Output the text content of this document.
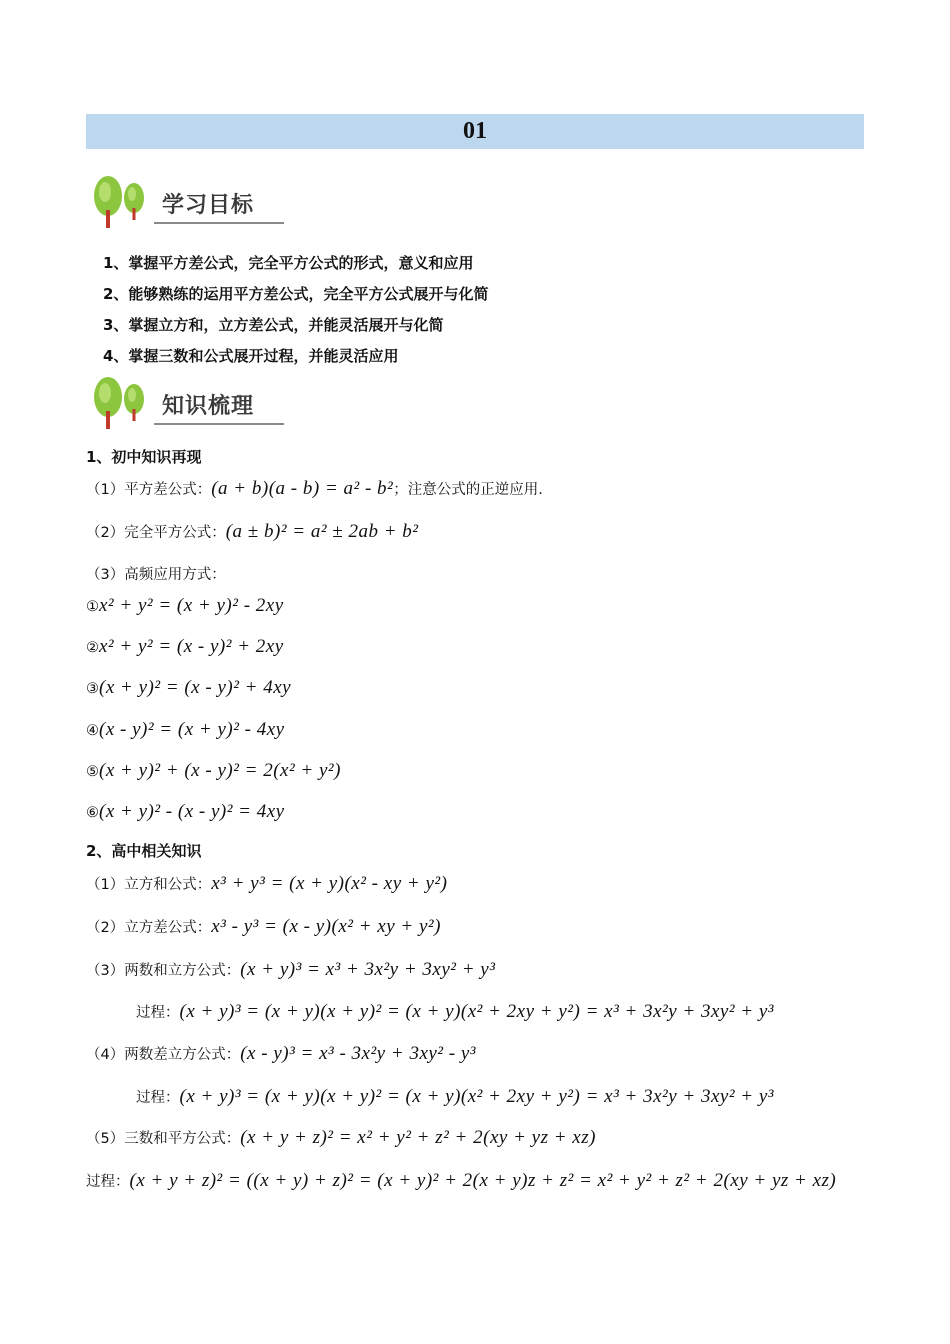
01
学习目标
1、掌握平方差公式，完全平方公式的形式，意义和应用
2、能够熟练的运用平方差公式，完全平方公式展开与化简
3、掌握立方和，立方差公式，并能灵活展开与化简
4、掌握三数和公式展开过程，并能灵活应用
知识梳理
1、初中知识再现
（1）平方差公式：(a + b)(a - b) = a² - b²；注意公式的正逆应用.
（2）完全平方公式：(a ± b)² = a² ± 2ab + b²
（3）高频应用方式：
①x² + y² = (x + y)² - 2xy
②x² + y² = (x - y)² + 2xy
③(x + y)² = (x - y)² + 4xy
④(x - y)² = (x + y)² - 4xy
⑤(x + y)² + (x - y)² = 2(x² + y²)
⑥(x + y)² - (x - y)² = 4xy
2、高中相关知识
（1）立方和公式：x³ + y³ = (x + y)(x² - xy + y²)
（2）立方差公式：x³ - y³ = (x - y)(x² + xy + y²)
（3）两数和立方公式：(x + y)³ = x³ + 3x²y + 3xy² + y³
过程：(x + y)³ = (x + y)(x + y)² = (x + y)(x² + 2xy + y²) = x³ + 3x²y + 3xy² + y³
（4）两数差立方公式：(x - y)³ = x³ - 3x²y + 3xy² - y³
过程：(x + y)³ = (x + y)(x + y)² = (x + y)(x² + 2xy + y²) = x³ + 3x²y + 3xy² + y³
（5）三数和平方公式：(x + y + z)² = x² + y² + z² + 2(xy + yz + xz)
过程：(x + y + z)² = ((x + y) + z)² = (x + y)² + 2(x + y)z + z² = x² + y² + z² + 2(xy + yz + xz)
